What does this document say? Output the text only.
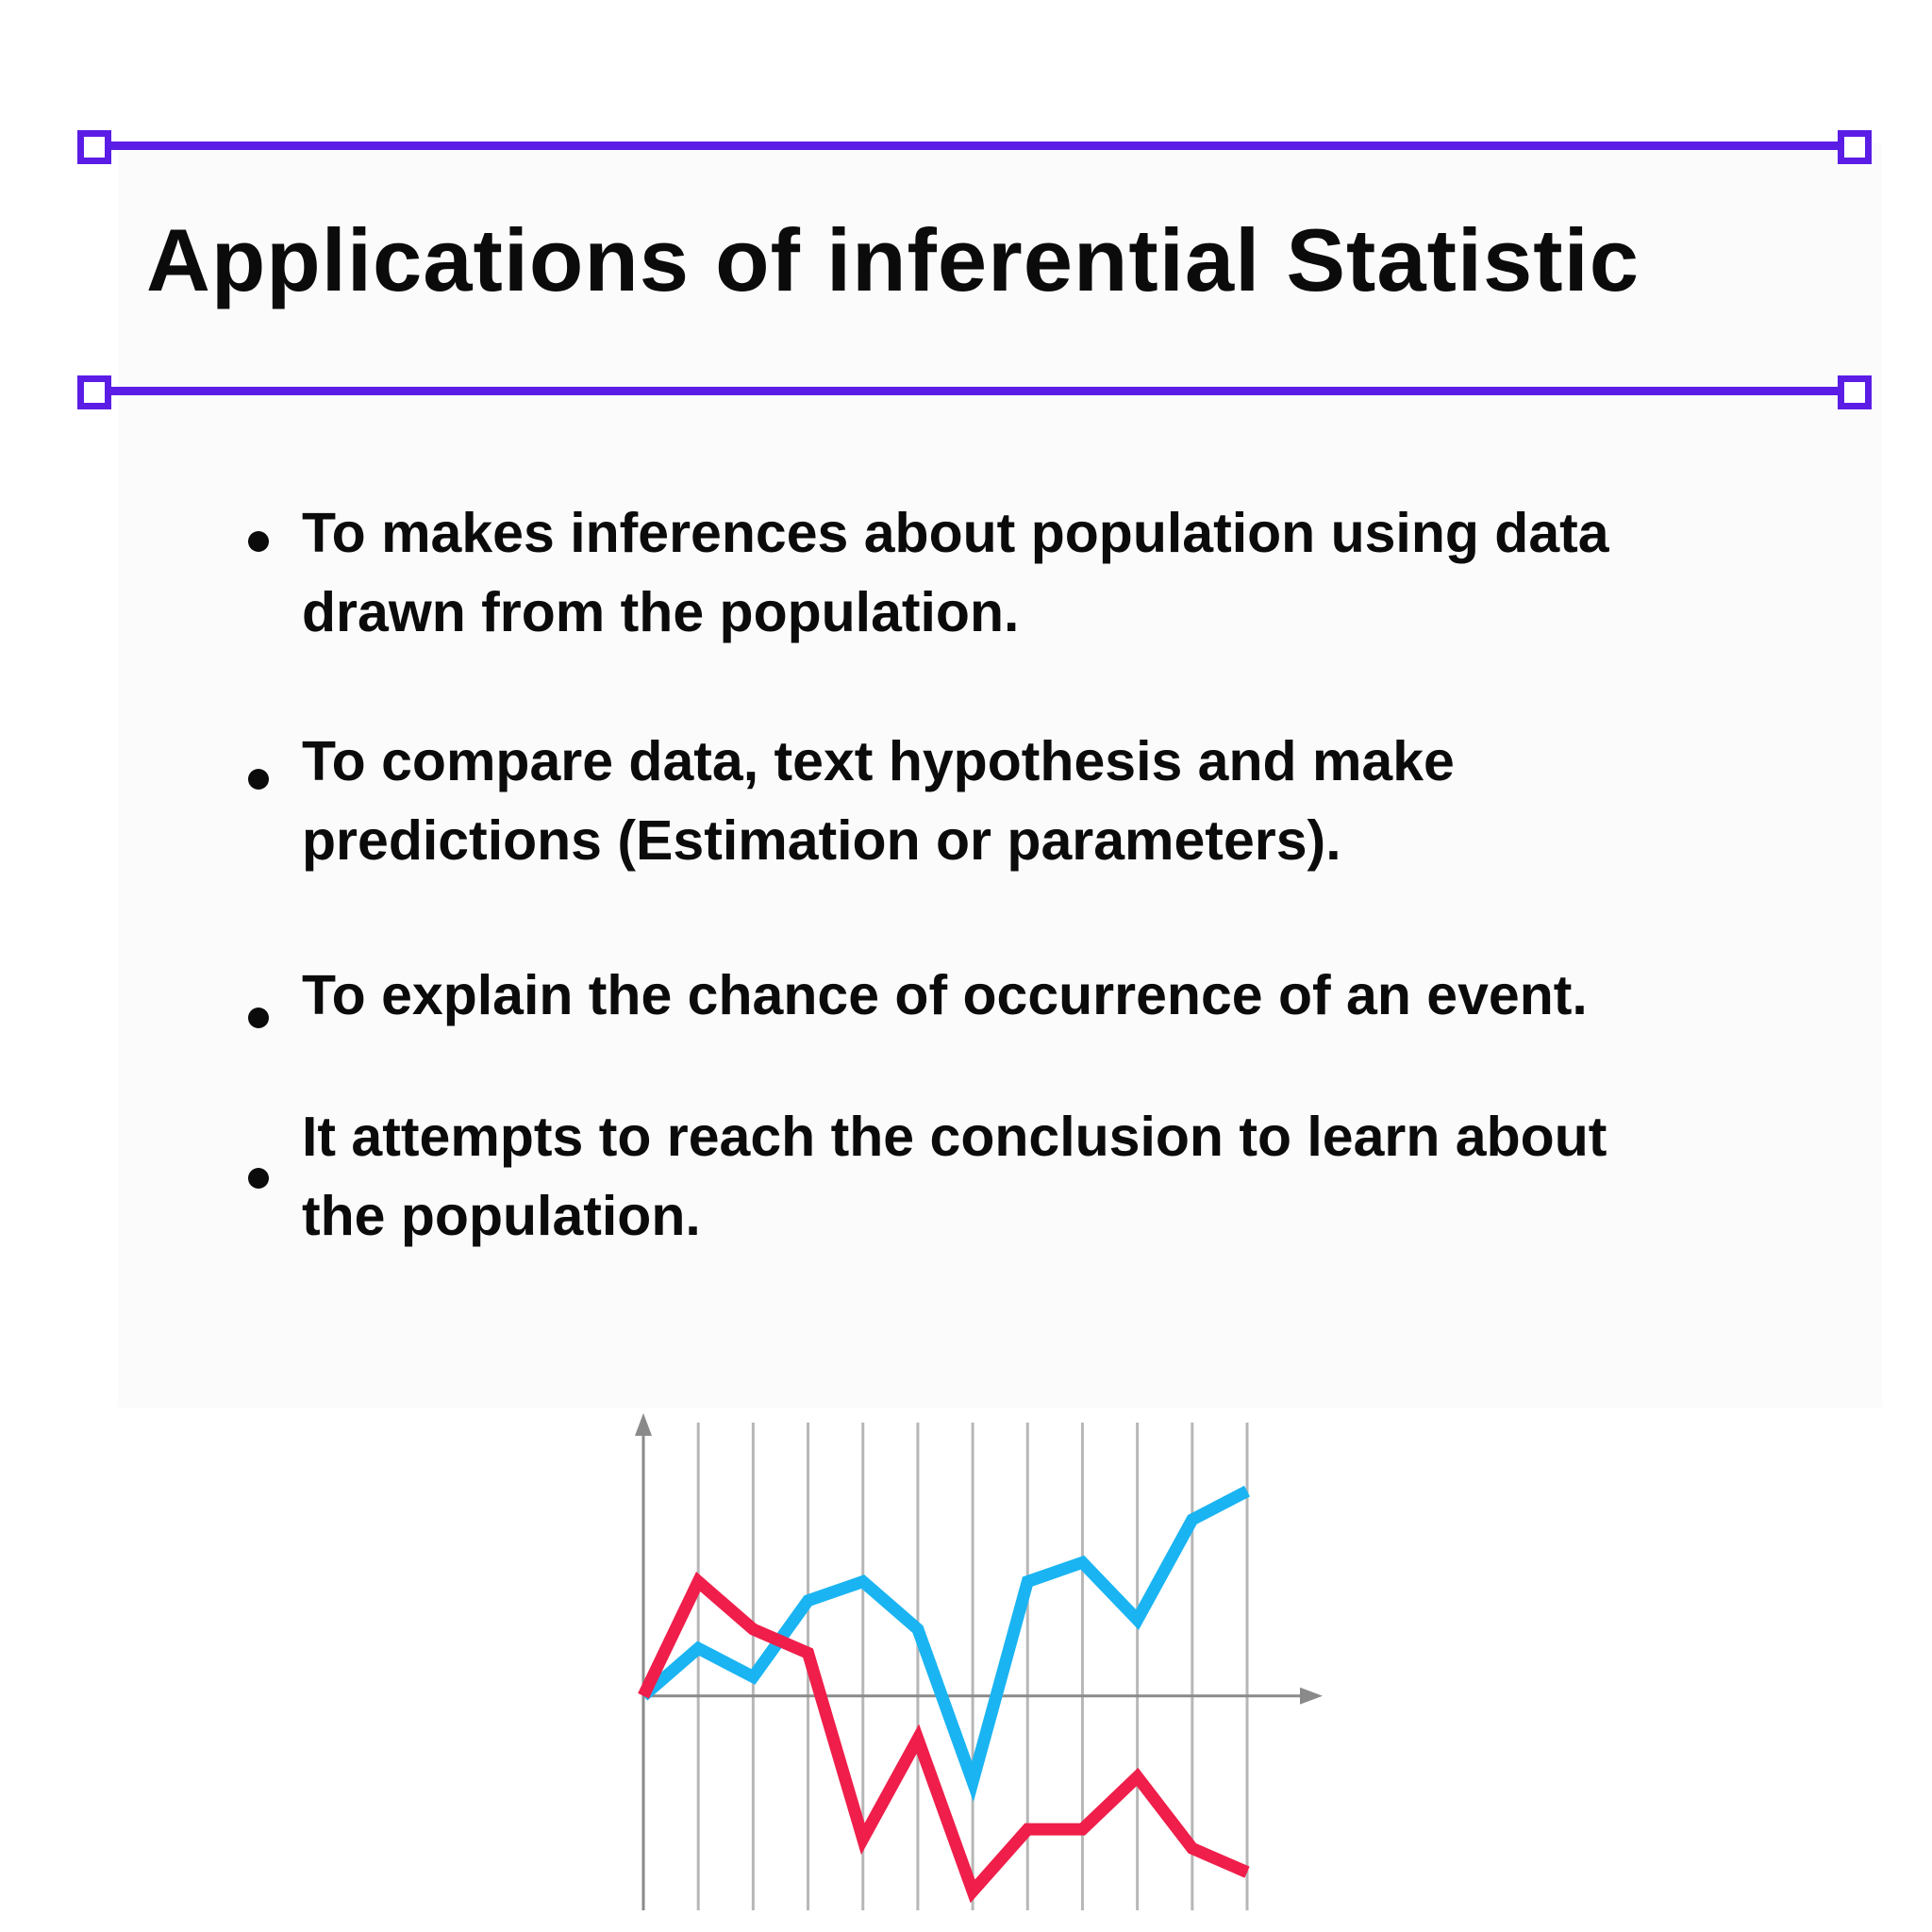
Applications of inferential Statistic
To makes inferences about population using data drawn from the population.
To compare data, text hypothesis and make predictions (Estimation or parameters).
To explain the chance of occurrence of an event.
It attempts to reach the conclusion to learn about the population.
